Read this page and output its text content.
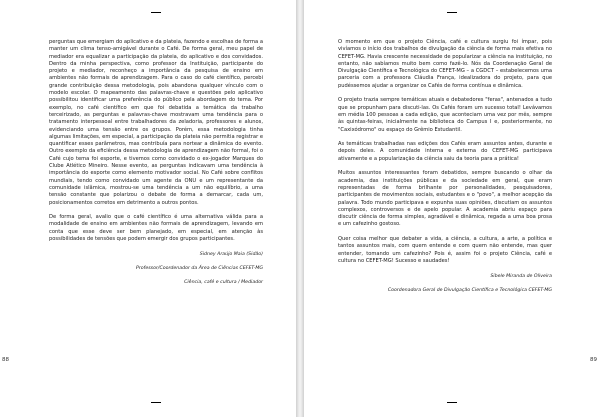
perguntas que emergiam do aplicativo e da plateia, fazendo e escolhas de forma a manter um clima tenso-amigável durante o Café. De forma geral, meu papel de mediador era equalizar a participação da plateia, do aplicativo e dos convidados. Dentro da minha perspectiva, como professor da Instituição, participante do projeto e mediador, reconheço a importância da pesquisa de ensino em ambientes não formais de aprendizagem. Para o caso do café científico, percebi grande contribuição dessa metodologia, pois abandona qualquer vínculo com o modelo escolar. O mapeamento das palavras-chave e questões pelo aplicativo possibilitou identificar uma preferência do público pela abordagem do tema. Por exemplo, no café científico em que foi debatida a temática da trabalho terceirizado, as perguntas e palavras-chave mostravam uma tendência para o tratamento interpessoal entre trabalhadores da zeladoria, professores e alunos, evidenciando uma tensão entre os grupos. Porém, essa metodologia tinha algumas limitações, em especial, a participação da plateia não permitia registrar e quantificar esses parâmetros, mas contribuía para nortear a dinâmica do evento. Outro exemplo da eficiência dessa metodologia de aprendizagem não formal, foi o Café cujo tema foi esporte, e tivemos como convidado o ex-jogador Marques do Clube Atlético Mineiro. Nesse evento, as perguntas indicavam uma tendência à importância do esporte como elemento motivador social. No Café sobre conflitos mundiais, tendo como convidado um agente da ONU e um representante da comunidade islâmica, mostrou-se uma tendência a um não equilíbrio, a uma tensão constante que polarizou o debate de forma a demarcar, cada um, posicionamentos corretos em detrimento a outros pontos.

De forma geral, avalio que o café científico é uma alternativa válida para a modalidade de ensino em ambientes não formais de aprendizagem, levando em conta que esse deve ser bem planejado, em especial, em atenção às possibilidades de tensões que podem emergir dos grupos participantes.

Sidney Araújo Maia (Sidão)

Professor/Coordenador da Área de Ciências CEFET-MG

Ciência, café e cultura / Mediador

88

O momento em que o projeto Ciência, café e cultura surgiu foi ímpar, pois vivíamos o início dos trabalhos de divulgação da ciência de forma mais efetiva no CEFET-MG. Havia crescente necessidade de popularizar a ciência na instituição, no entanto, não sabíamos muito bem como fazê-lo. Nós da Coordenação Geral de Divulgação Científica e Tecnológica do CEFET-MG – a CGDCT – estabelecemos uma parceria com a professora Cláudia França, idealizadora do projeto, para que pudéssemos ajudar a organizar os Cafés de forma contínua e dinâmica.

O projeto trazia sempre temáticas atuais e debatedores "feras", antenados a tudo que se propunham para discuti-las. Os Cafés foram um sucesso total! Levávamos em média 100 pessoas a cada edição, que aconteciam uma vez por mês, sempre às quintas-feiras, inicialmente na biblioteca do Campus I e, posteriormente, no "Caxixódromo" ou espaço do Grêmio Estudantil.

As temáticas trabalhadas nas edições dos Cafés eram assuntos antes, durante e depois deles. A comunidade interna e externa do CEFET-MG participava ativamente e a popularização da ciência saiu da teoria para a prática!

Muitos assuntos interessantes foram debatidos, sempre buscando o olhar da academia, das instituições públicas e da sociedade em geral, que eram representadas de forma brilhante por personalidades, pesquisadores, participantes de movimentos sociais, estudantes e o "povo", a melhor acepção da palavra. Todo mundo participava e expunha suas opiniões, discutiam os assuntos complexos, controversos e de apelo popular. A academia abriu espaço para discutir ciência de forma simples, agradável e dinâmica, regada a uma boa prosa e um cafezinho gostoso.

Quer coisa melhor que debater a vida, a ciência, a cultura, a arte, a política e tantos assuntos mais, com quem entende e com quem não entende, mas quer entender, tomando um cafezinho? Pois é, assim foi o projeto Ciência, café e cultura no CEFET-MG! Sucesso e saudades!

Sibele Miranda de Oliveira

Coordenadora Geral de Divulgação Científica e Tecnológica CEFET-MG

89
